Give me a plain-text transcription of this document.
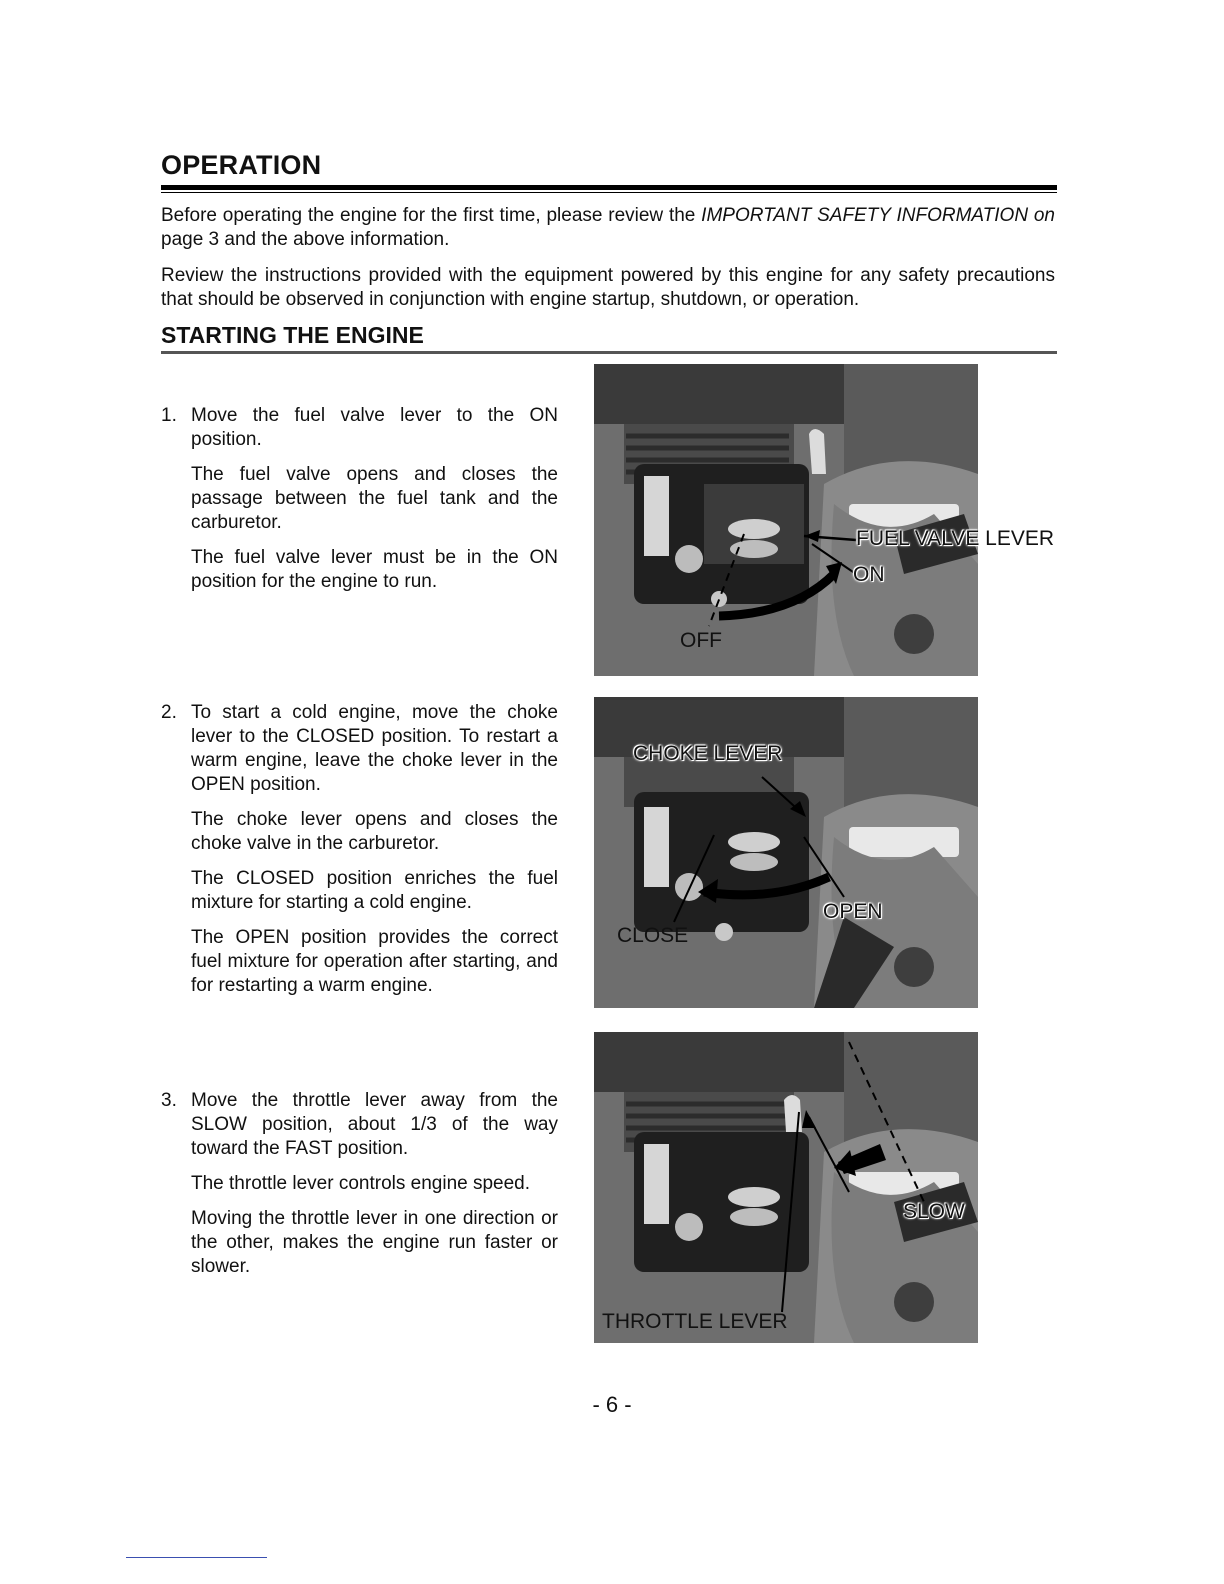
OPERATION

Before operating the engine for the first time, please review the IMPORTANT SAFETY INFORMATION on page 3 and the above information.

Review the instructions provided with the equipment powered by this engine for any safety precautions that should be observed in conjunction with engine startup, shutdown, or operation.

STARTING THE ENGINE
1. Move the fuel valve lever to the ON position.

The fuel valve opens and closes the passage between the fuel tank and the carburetor.

The fuel valve lever must be in the ON position for the engine to run.

2. To start a cold engine, move the choke lever to the CLOSED position. To restart a warm engine, leave the choke lever in the OPEN position.

The choke lever opens and closes the choke valve in the carburetor.

The CLOSED position enriches the fuel mixture for starting a cold engine.

The OPEN position provides the correct fuel mixture for operation after starting, and for restarting a warm engine.

3. Move the throttle lever away from the SLOW position, about 1/3 of the way toward the FAST position.

The throttle lever controls engine speed.

Moving the throttle lever in one direction or the other, makes the engine run faster or slower.

FUEL VALVE LEVER
ON
OFF
CHOKE LEVER
OPEN
CLOSE
SLOW
THROTTLE LEVER
- 6 -
